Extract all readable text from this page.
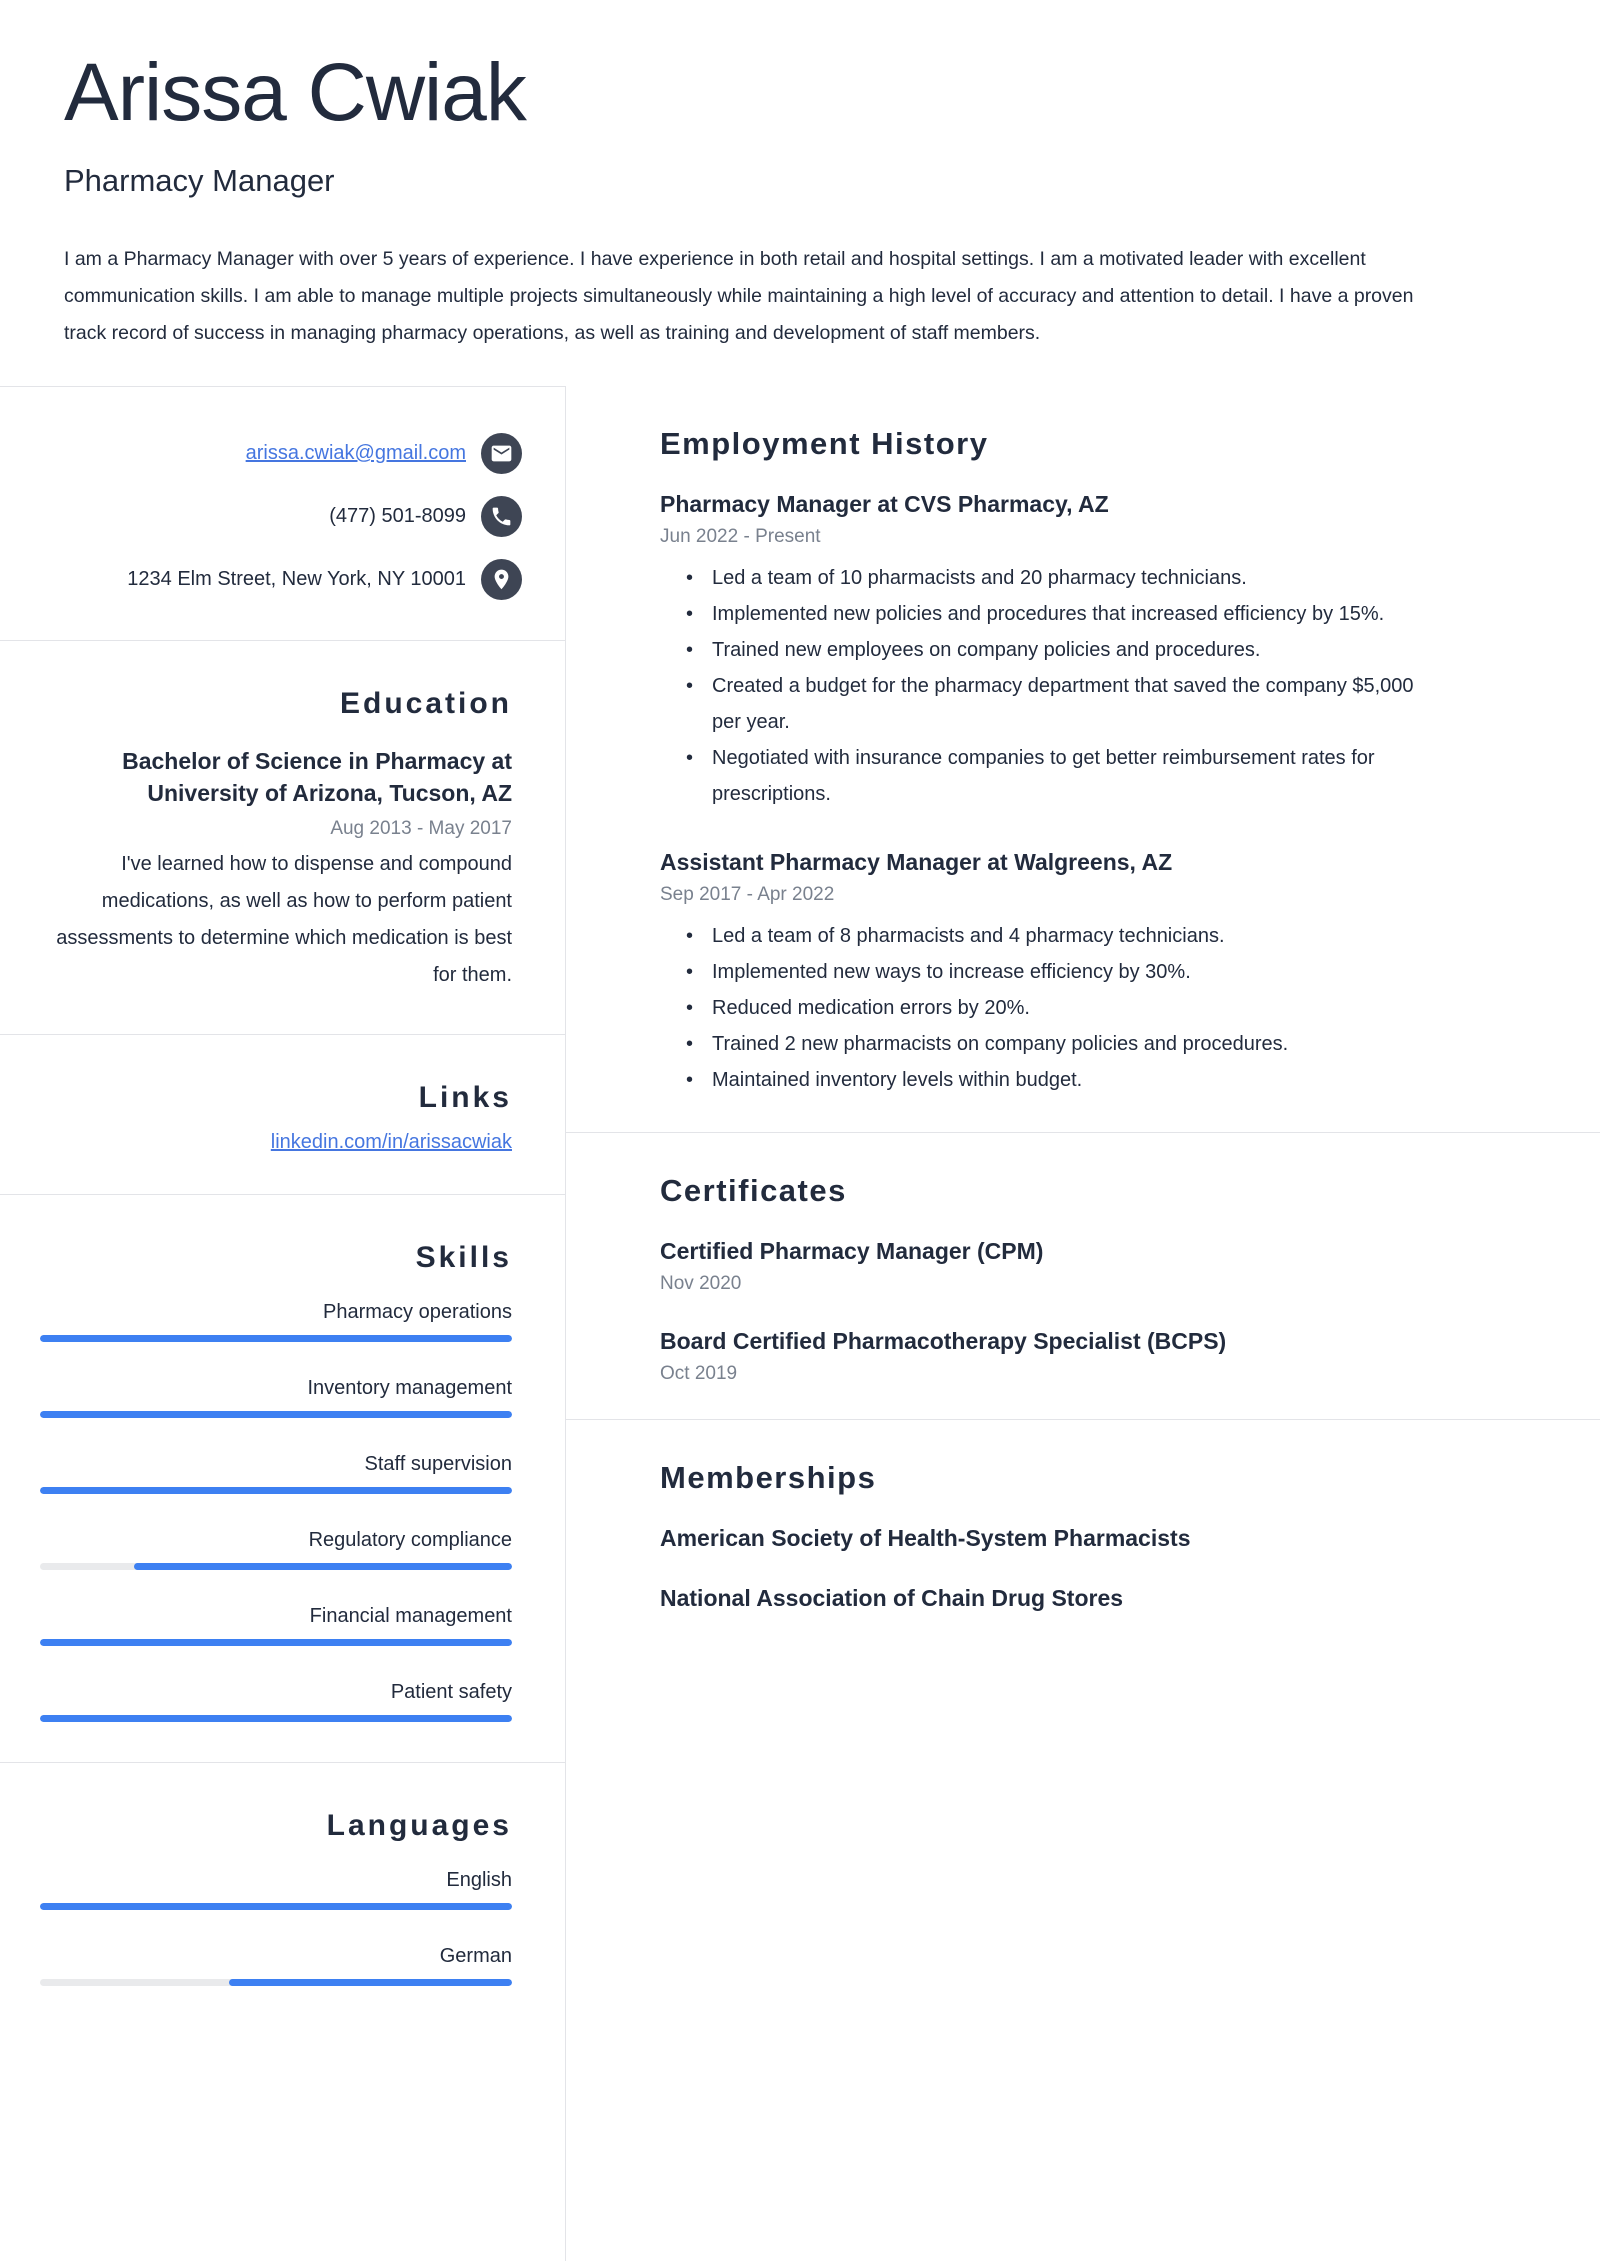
Arissa Cwiak
Pharmacy Manager
I am a Pharmacy Manager with over 5 years of experience. I have experience in both retail and hospital settings. I am a motivated leader with excellent communication skills. I am able to manage multiple projects simultaneously while maintaining a high level of accuracy and attention to detail. I have a proven track record of success in managing pharmacy operations, as well as training and development of staff members.
arissa.cwiak@gmail.com
(477) 501-8099
1234 Elm Street, New York, NY 10001
Education
Bachelor of Science in Pharmacy at University of Arizona, Tucson, AZ
Aug 2013 - May 2017
I've learned how to dispense and compound medications, as well as how to perform patient assessments to determine which medication is best for them.
Links
linkedin.com/in/arissacwiak
Skills
Pharmacy operations
Inventory management
Staff supervision
Regulatory compliance
Financial management
Patient safety
Languages
English
German
Employment History
Pharmacy Manager at CVS Pharmacy, AZ
Jun 2022 - Present
• Led a team of 10 pharmacists and 20 pharmacy technicians.
• Implemented new policies and procedures that increased efficiency by 15%.
• Trained new employees on company policies and procedures.
• Created a budget for the pharmacy department that saved the company $5,000 per year.
• Negotiated with insurance companies to get better reimbursement rates for prescriptions.
Assistant Pharmacy Manager at Walgreens, AZ
Sep 2017 - Apr 2022
• Led a team of 8 pharmacists and 4 pharmacy technicians.
• Implemented new ways to increase efficiency by 30%.
• Reduced medication errors by 20%.
• Trained 2 new pharmacists on company policies and procedures.
• Maintained inventory levels within budget.
Certificates
Certified Pharmacy Manager (CPM)
Nov 2020
Board Certified Pharmacotherapy Specialist (BCPS)
Oct 2019
Memberships
American Society of Health-System Pharmacists
National Association of Chain Drug Stores
